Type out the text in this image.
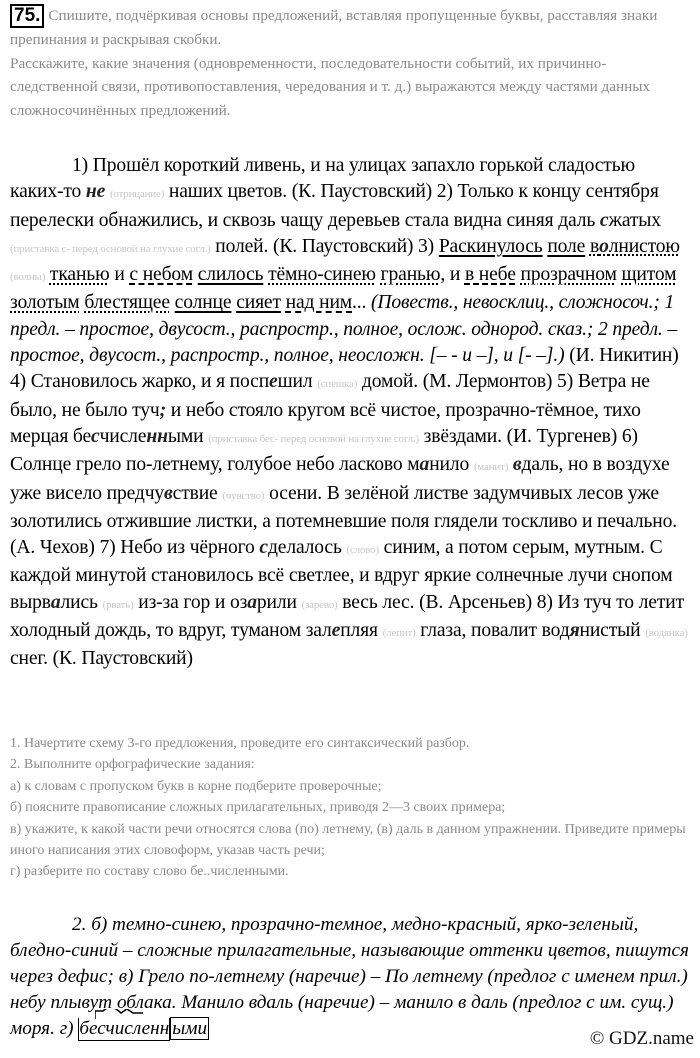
75. Спишите, подчёркивая основы предложений, вставляя пропущенные буквы, расставляя знаки препинания и раскрывая скобки.
Расскажите, какие значения (одновременности, последовательности событий, их причинно-следственной связи, противопоставления, чередования и т. д.) выражаются между частями данных сложносочинённых предложений.
1) Прошёл короткий ливень, и на улицах запахло горькой сладостью каких-то не (отрицание) наших цветов. (К. Паустовский) 2) Только к концу сентября перелески обнажились, и сквозь чащу деревьев стала видна синяя даль сжатых (приставка с- перед основой на глухие согл.) полей. (К. Паустовский) 3) Раскинулось поле волнистою (волны) тканью и с небом слилось тёмно-синею гранью, и в небе прозрачном щитом золотым блестящее солнце сияет над ним... (Повеств., невосклиц., сложносоч.; 1 предл. – простое, двусост., распростр., полное, ослож. однород. сказ.; 2 предл. – простое, двусост., распростр., полное, неосложн. [– - и –], и [- –].) (И. Никитин) 4) Становилось жарко, и я поспешил (спешка) домой. (М. Лермонтов) 5) Ветра не было, не было туч; и небо стояло кругом всё чистое, прозрачно-тёмное, тихо мерцая бесчисленными (приставка бес- перед основой на глухие согл.) звёздами. (И. Тургенев) 6) Солнце грело по-летнему, голубое небо ласково манило (манит) вдаль, но в воздухе уже висело предчувствие (чувство) осени. В зелёной листве задумчивых лесов уже золотились отжившие листки, а потемневшие поля глядели тоскливо и печально. (А. Чехов) 7) Небо из чёрного сделалось (слово) синим, а потом серым, мутным. С каждой минутой становилось всё светлее, и вдруг яркие солнечные лучи снопом вырвались (рвать) из-за гор и озарили (зарево) весь лес. (В. Арсеньев) 8) Из туч то летит холодный дождь, то вдруг, туманом залепляя (лепит) глаза, повалит водянистый (водянка) снег. (К. Паустовский)
1. Начертите схему 3-го предложения, проведите его синтаксический разбор.
2. Выполните орфографические задания:
а) к словам с пропуском букв в корне подберите проверочные;
б) поясните правописание сложных прилагательных, приводя 2—3 своих примера;
в) укажите, к какой части речи относятся слова (по) летнему, (в) даль в данном упражнении. Приведите примеры иного написания этих словоформ, указав часть речи;
г) разберите по составу слово бе..численными.
2. б) темно-синею, прозрачно-темное, медно-красный, ярко-зеленый, бледно-синий – сложные прилагательные, называющие оттенки цветов, пишутся через дефис; в) Грело по-летнему (наречие) – По летнему (предлог с именем прил.) небу плывут облака. Манило вдаль (наречие) – манило в даль (предлог с им. сущ.) моря. г)
бесчисленн ыми	© GDZ.name
